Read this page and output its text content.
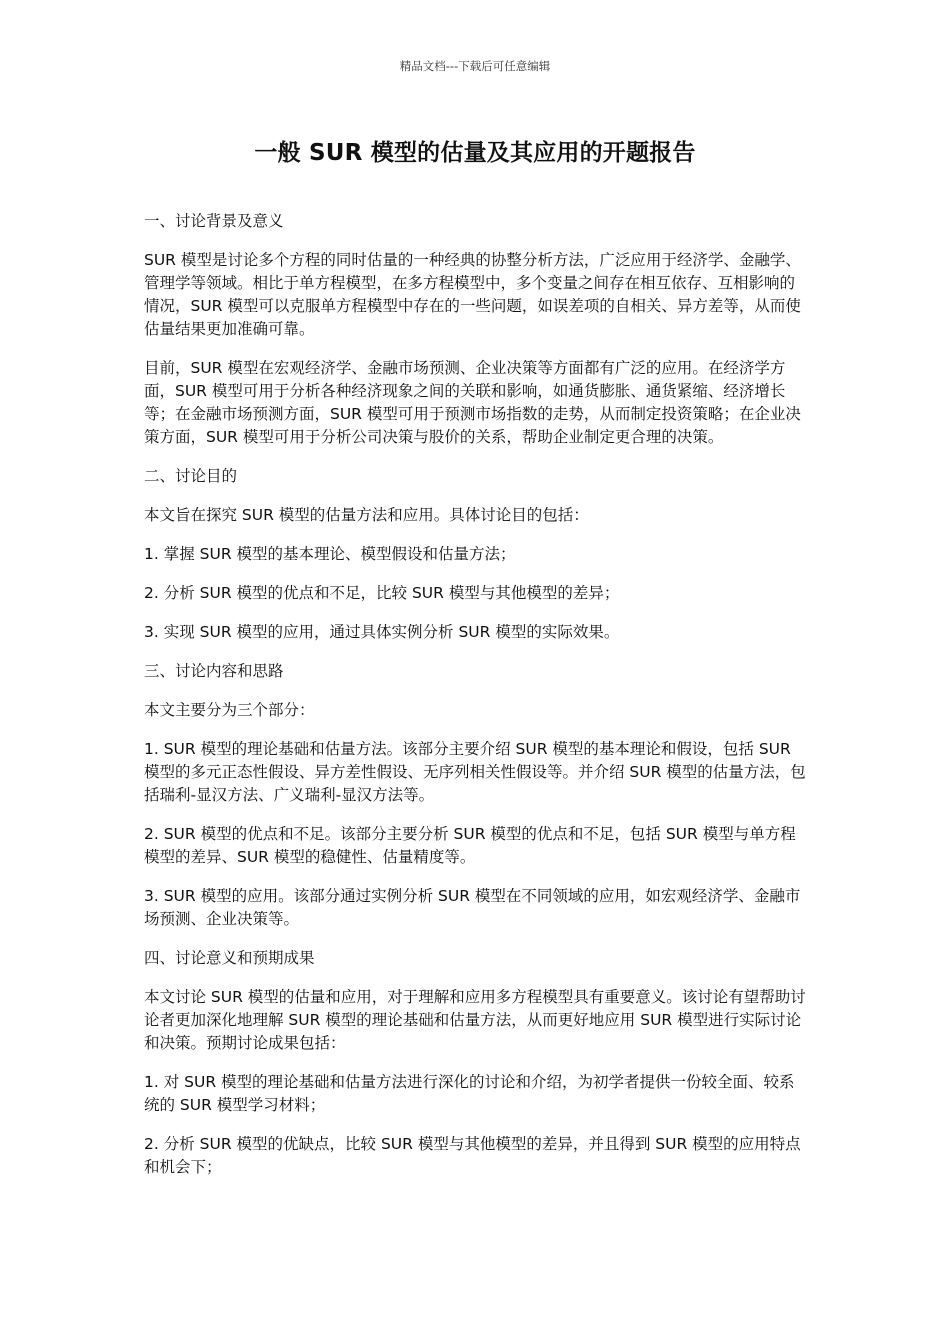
精品文档---下载后可任意编辑
一般 SUR 模型的估量及其应用的开题报告

一、讨论背景及意义

SUR 模型是讨论多个方程的同时估量的一种经典的协整分析方法，广泛应用于经济学、金融学、管理学等领域。相比于单方程模型，在多方程模型中，多个变量之间存在相互依存、互相影响的情况，SUR 模型可以克服单方程模型中存在的一些问题，如误差项的自相关、异方差等，从而使估量结果更加准确可靠。

目前，SUR 模型在宏观经济学、金融市场预测、企业决策等方面都有广泛的应用。在经济学方面，SUR 模型可用于分析各种经济现象之间的关联和影响，如通货膨胀、通货紧缩、经济增长等；在金融市场预测方面，SUR 模型可用于预测市场指数的走势，从而制定投资策略；在企业决策方面，SUR 模型可用于分析公司决策与股价的关系，帮助企业制定更合理的决策。

二、讨论目的

本文旨在探究 SUR 模型的估量方法和应用。具体讨论目的包括：

1. 掌握 SUR 模型的基本理论、模型假设和估量方法；

2. 分析 SUR 模型的优点和不足，比较 SUR 模型与其他模型的差异；

3. 实现 SUR 模型的应用，通过具体实例分析 SUR 模型的实际效果。

三、讨论内容和思路

本文主要分为三个部分：

1. SUR 模型的理论基础和估量方法。该部分主要介绍 SUR 模型的基本理论和假设，包括 SUR 模型的多元正态性假设、异方差性假设、无序列相关性假设等。并介绍 SUR 模型的估量方法，包括瑞利-显汉方法、广义瑞利-显汉方法等。

2. SUR 模型的优点和不足。该部分主要分析 SUR 模型的优点和不足，包括 SUR 模型与单方程模型的差异、SUR 模型的稳健性、估量精度等。

3. SUR 模型的应用。该部分通过实例分析 SUR 模型在不同领域的应用，如宏观经济学、金融市场预测、企业决策等。

四、讨论意义和预期成果

本文讨论 SUR 模型的估量和应用，对于理解和应用多方程模型具有重要意义。该讨论有望帮助讨论者更加深化地理解 SUR 模型的理论基础和估量方法，从而更好地应用 SUR 模型进行实际讨论和决策。预期讨论成果包括：

1. 对 SUR 模型的理论基础和估量方法进行深化的讨论和介绍，为初学者提供一份较全面、较系统的 SUR 模型学习材料；

2. 分析 SUR 模型的优缺点，比较 SUR 模型与其他模型的差异，并且得到 SUR 模型的应用特点和机会下；
